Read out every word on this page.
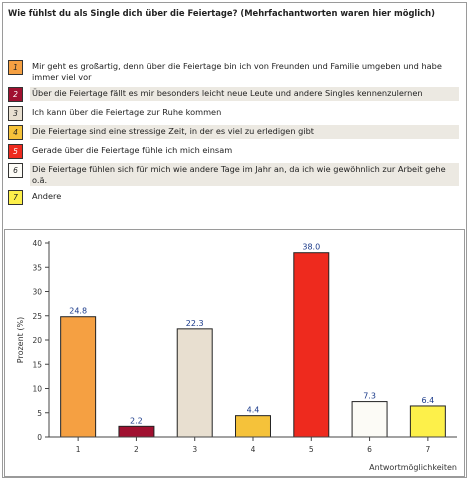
Wie fühlst du als Single dich über die Feiertage? (Mehrfachantworten waren hier möglich)
1	Mir geht es großartig, denn über die Feiertage bin ich von Freunden und Familie umgeben und habe immer viel vor
2	Über die Feiertage fällt es mir besonders leicht neue Leute und andere Singles kennenzulernen
3	Ich kann über die Feiertage zur Ruhe kommen
4	Die Feiertage sind eine stressige Zeit, in der es viel zu erledigen gibt
5	Gerade über die Feiertage fühle ich mich einsam
6	Die Feiertage fühlen sich für mich wie andere Tage im Jahr an, da ich wie gewöhnlich zur Arbeit gehe o.ä.
7	Andere
0
5
10
15
20
25
30
35
40
24.8
1
2.2
2
22.3
3
4.4
4
38.0
5
7.3
6
6.4
7
Antwortmöglichkeiten
Prozent (%)
